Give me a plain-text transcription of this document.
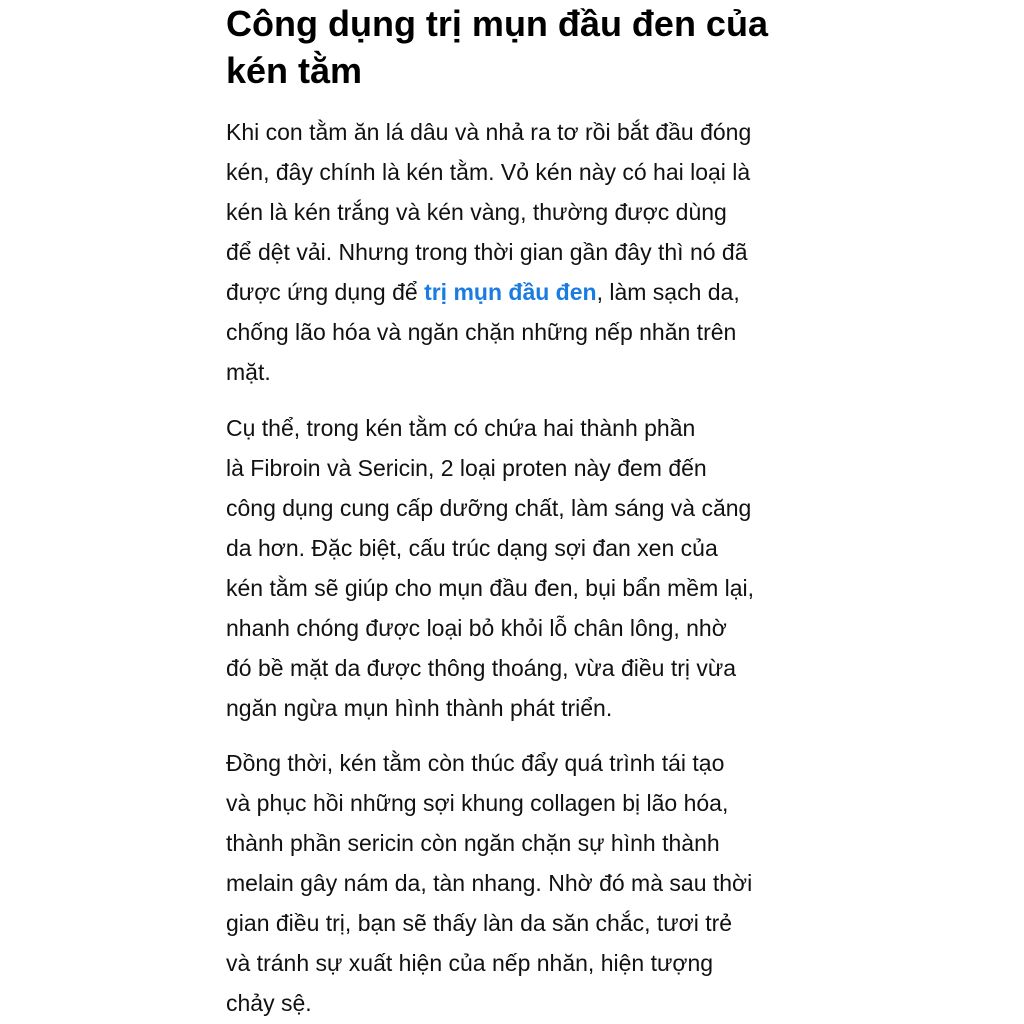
Công dụng trị mụn đầu đen của
kén tằm

Khi con tằm ăn lá dâu và nhả ra tơ rồi bắt đầu đóng
kén, đây chính là kén tằm. Vỏ kén này có hai loại là
kén là kén trắng và kén vàng, thường được dùng
để dệt vải. Nhưng trong thời gian gần đây thì nó đã
được ứng dụng để trị mụn đầu đen, làm sạch da,
chống lão hóa và ngăn chặn những nếp nhăn trên
mặt.

Cụ thể, trong kén tằm có chứa hai thành phần
là Fibroin và Sericin, 2 loại proten này đem đến
công dụng cung cấp dưỡng chất, làm sáng và căng
da hơn. Đặc biệt, cấu trúc dạng sợi đan xen của
kén tằm sẽ giúp cho mụn đầu đen, bụi bẩn mềm lại,
nhanh chóng được loại bỏ khỏi lỗ chân lông, nhờ
đó bề mặt da được thông thoáng, vừa điều trị vừa
ngăn ngừa mụn hình thành phát triển.

Đồng thời, kén tằm còn thúc đẩy quá trình tái tạo
và phục hồi những sợi khung collagen bị lão hóa,
thành phần sericin còn ngăn chặn sự hình thành
melain gây nám da, tàn nhang. Nhờ đó mà sau thời
gian điều trị, bạn sẽ thấy làn da săn chắc, tươi trẻ
và tránh sự xuất hiện của nếp nhăn, hiện tượng
chảy sệ.
